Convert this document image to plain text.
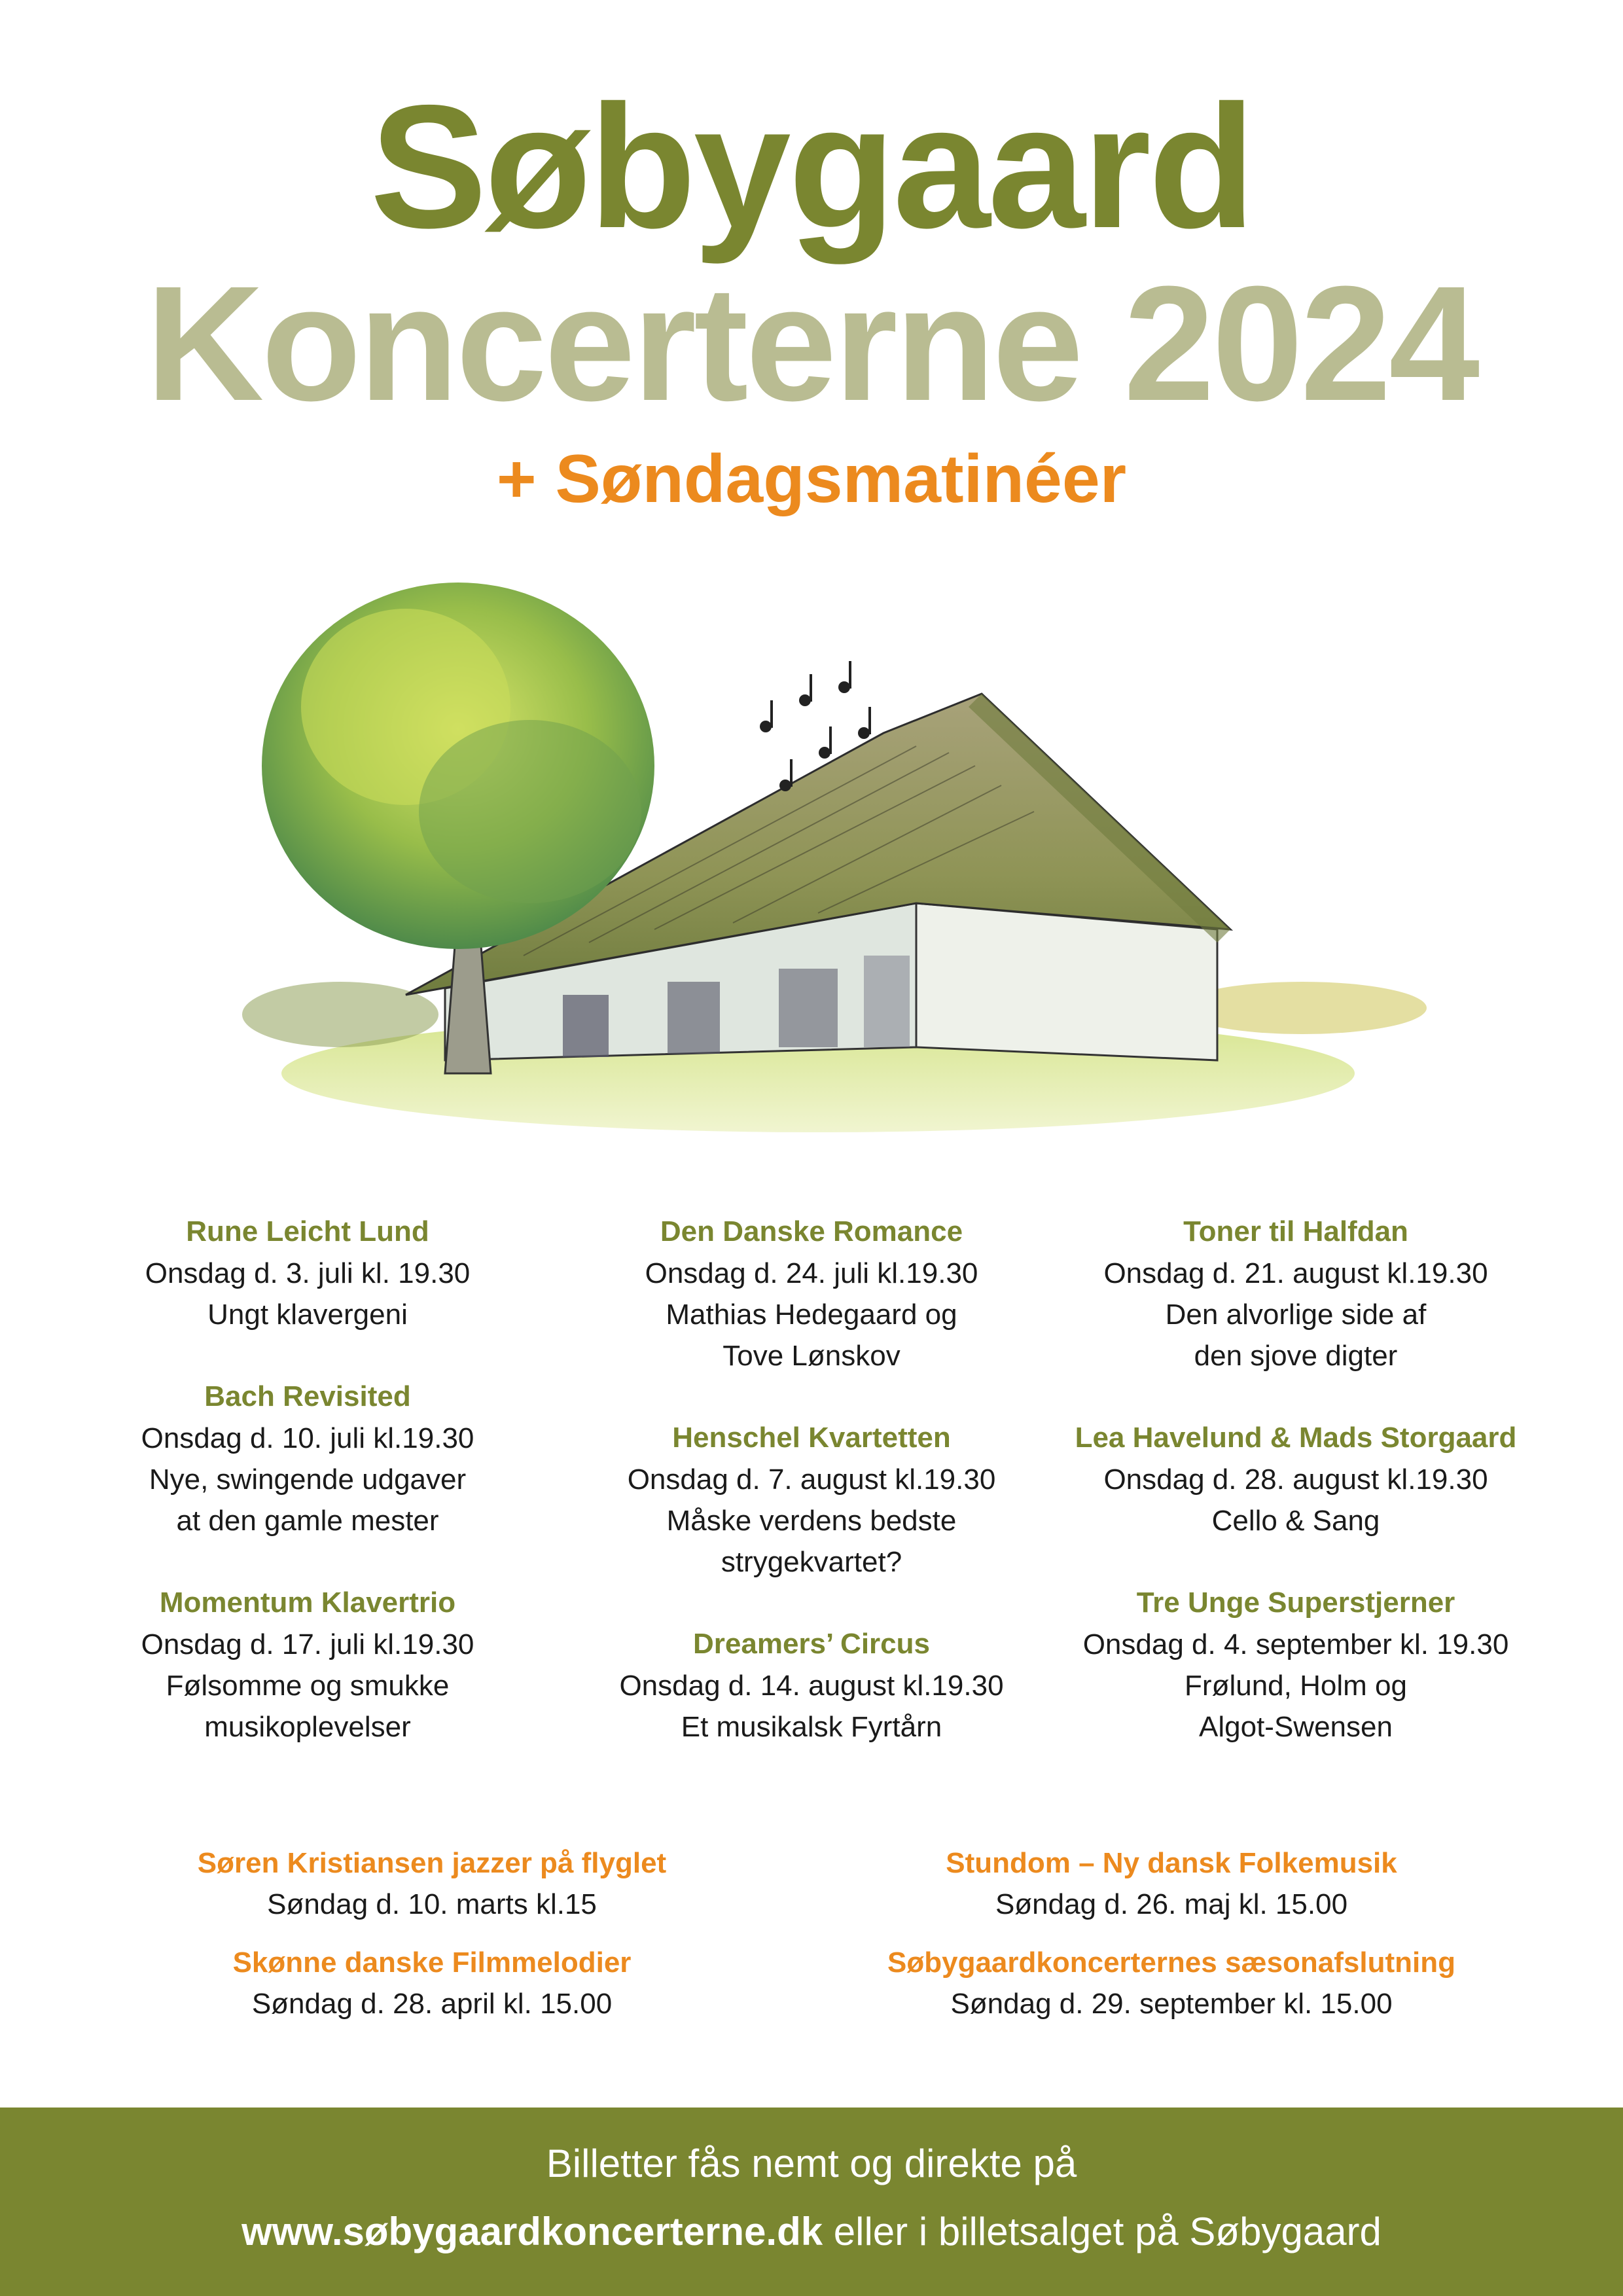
Søbygaard
Koncerterne 2024
+ Søndagsmatinéer
Rune Leicht Lund
Onsdag d. 3. juli kl. 19.30
Ungt klavergeni
Bach Revisited
Onsdag d. 10. juli kl.19.30
Nye, swingende udgaver
at den gamle mester
Momentum Klavertrio
Onsdag d. 17. juli kl.19.30
Følsomme og smukke
musikoplevelser
Den Danske Romance
Onsdag d. 24. juli kl.19.30
Mathias Hedegaard og
Tove Lønskov
Henschel Kvartetten
Onsdag d. 7. august kl.19.30
Måske verdens bedste
strygekvartet?
Dreamers’ Circus
Onsdag d. 14. august kl.19.30
Et musikalsk Fyrtårn
Toner til Halfdan
Onsdag d. 21. august kl.19.30
Den alvorlige side af
den sjove digter
Lea Havelund & Mads Storgaard
Onsdag d. 28. august kl.19.30
Cello & Sang
Tre Unge Superstjerner
Onsdag d. 4. september kl. 19.30
Frølund, Holm og
Algot-Swensen
Søren Kristiansen jazzer på flyglet
Søndag d. 10. marts kl.15
Skønne danske Filmmelodier
Søndag d. 28. april kl. 15.00
Stundom – Ny dansk Folkemusik
Søndag d. 26. maj kl. 15.00
Søbygaardkoncerternes sæsonafslutning
Søndag d. 29. september kl. 15.00
Billetter fås nemt og direkte på
www.søbygaardkoncerterne.dk eller i billetsalget på Søbygaard
